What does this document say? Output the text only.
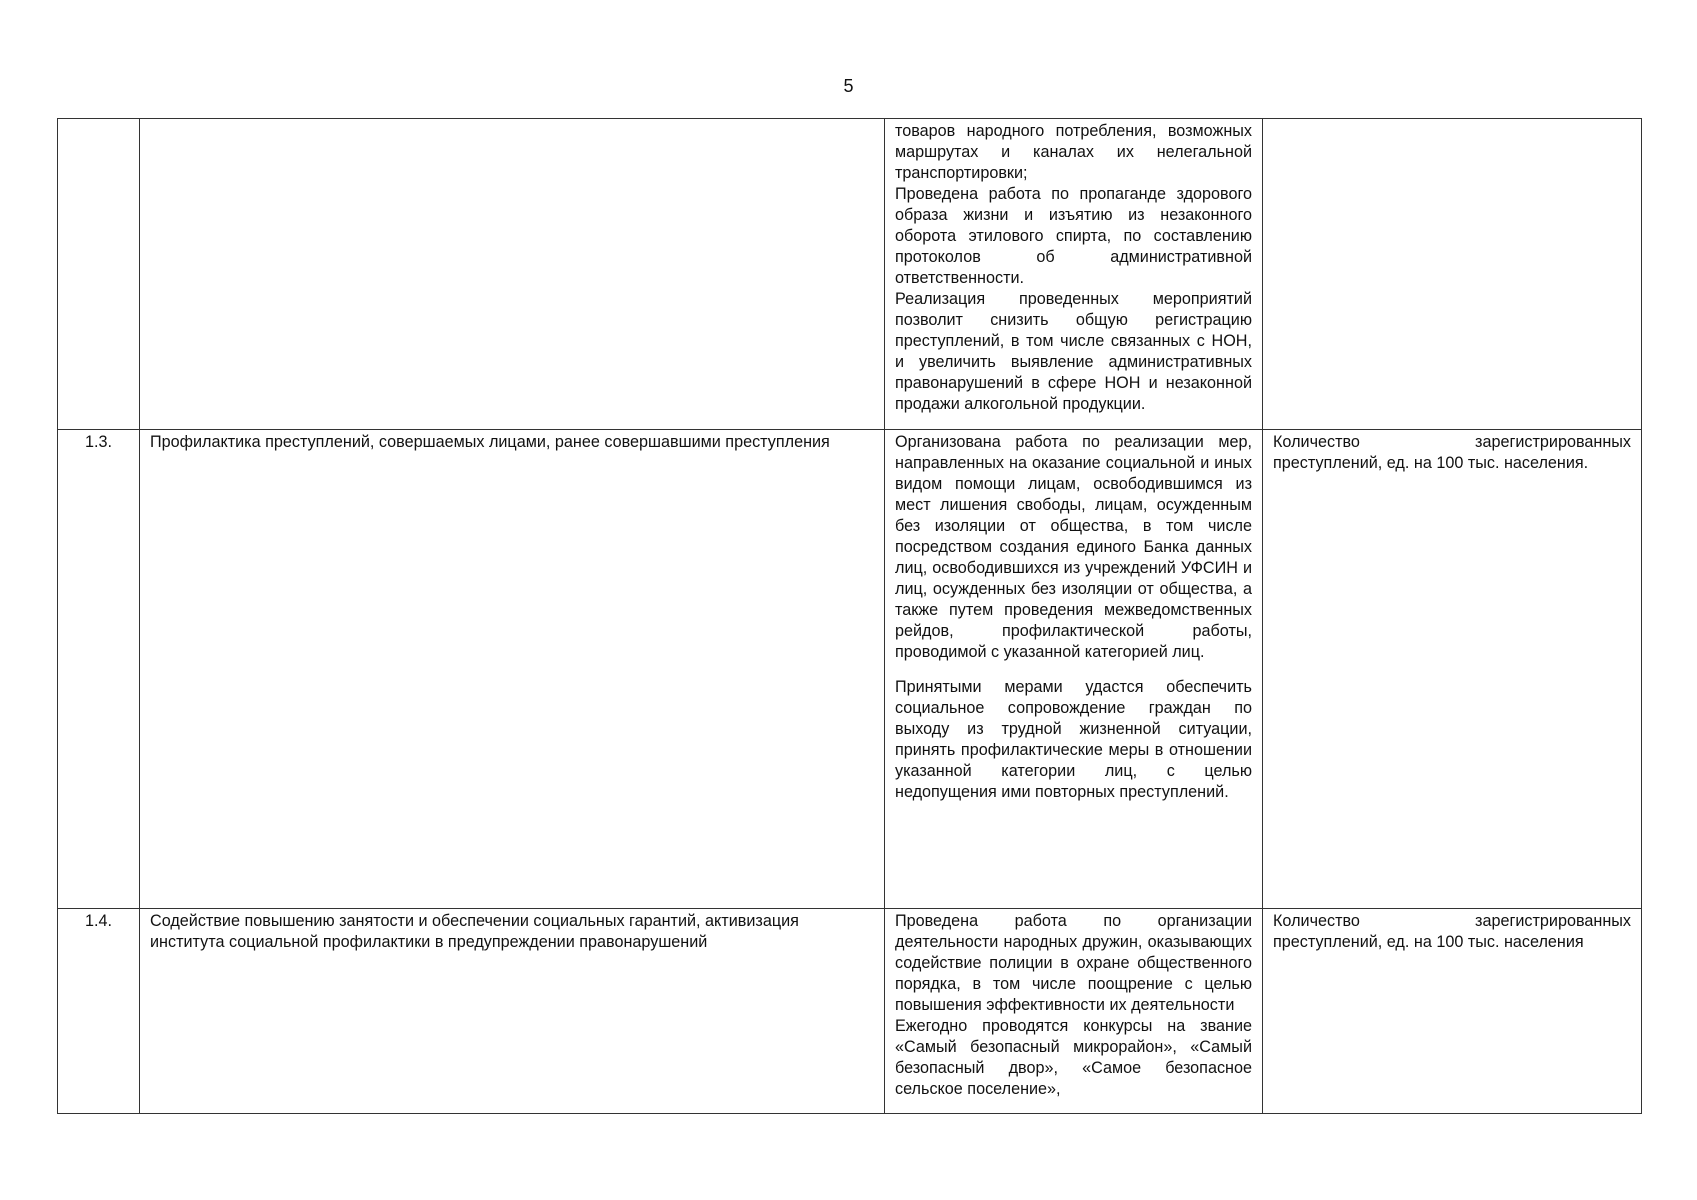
5

		товаров народного потребления, возможных маршрутах и каналах их нелегальной транспортировки;

Проведена работа по пропаганде здорового образа жизни и изъятию из незаконного оборота этилового спирта, по составлению протоколов об административной ответственности.

Реализация проведенных мероприятий позволит снизить общую регистрацию преступлений, в том числе связанных с НОН, и увеличить выявление административных правонарушений в сфере НОН и незаконной продажи алкогольной продукции.	

1.3.	Профилактика преступлений, совершаемых лицами, ранее совершавшими преступления	Организована работа по реализации мер, направленных на оказание социальной и иных видом помощи лицам, освободившимся из мест лишения свободы, лицам, осужденным без изоляции от общества, в том числе посредством создания единого Банка данных лиц, освободившихся из учреждений УФСИН и лиц, осужденных без изоляции от общества, а также путем проведения межведомственных рейдов, профилактической работы, проводимой с указанной категорией лиц.

Принятыми мерами удастся обеспечить социальное сопровождение граждан по выходу из трудной жизненной ситуации, принять профилактические меры в отношении указанной категории лиц, с целью недопущения ими повторных преступлений.	Количество зарегистрированных преступлений, ед. на 100 тыс. населения.
1.4.	Содействие повышению занятости и обеспечении социальных гарантий, активизация института социальной профилактики в предупреждении правонарушений	Проведена работа по организации деятельности народных дружин, оказывающих содействие полиции в охране общественного порядка, в том числе поощрение с целью повышения эффективности их деятельности

Ежегодно проводятся конкурсы на звание «Самый безопасный микрорайон», «Самый безопасный двор», «Самое безопасное сельское поселение»,	Количество зарегистрированных преступлений, ед. на 100 тыс. населения
